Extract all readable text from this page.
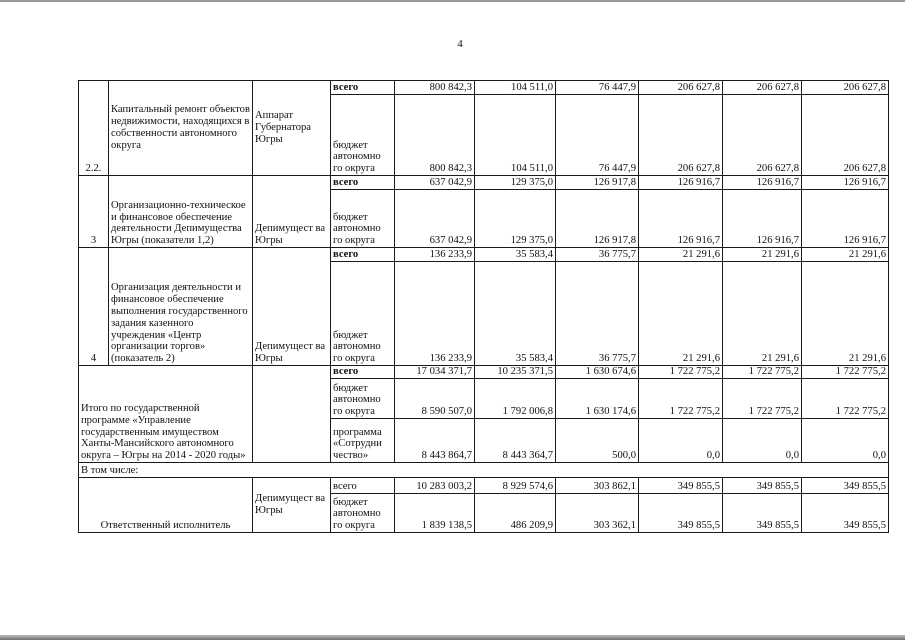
4
2.2.	Капитальный ремонт объектов недвижимости, находящихся в собственности автономного округа	Аппарат Губернатора Югры	всего	800 842,3	104 511,0	76 447,9	206 627,8	206 627,8	206 627,8
			бюджет автономно го округа	800 842,3	104 511,0	76 447,9	206 627,8	206 627,8	206 627,8
3	Организационно-техническое и финансовое обеспечение деятельности Депимущества Югры (показатели 1,2)	Депимущест ва Югры	всего	637 042,9	129 375,0	126 917,8	126 916,7	126 916,7	126 916,7
			бюджет автономно го округа	637 042,9	129 375,0	126 917,8	126 916,7	126 916,7	126 916,7
4	Организация деятельности и финансовое обеспечение выполнения государственного задания казенного учреждения «Центр организации торгов» (показатель 2)	Депимущест ва Югры	всего	136 233,9	35 583,4	36 775,7	21 291,6	21 291,6	21 291,6
			бюджет автономно го округа	136 233,9	35 583,4	36 775,7	21 291,6	21 291,6	21 291,6
Итого по государственной программе «Управление государственным имуществом Ханты-Мансийского автономного округа – Югры на 2014 - 2020 годы»			всего	17 034 371,7	10 235 371,5	1 630 674,6	1 722 775,2	1 722 775,2	1 722 775,2
			бюджет автономно го округа	8 590 507,0	1 792 006,8	1 630 174,6	1 722 775,2	1 722 775,2	1 722 775,2
			программа «Сотрудни чество»	8 443 864,7	8 443 364,7	500,0	0,0	0,0	0,0
В том числе:									
Ответственный исполнитель		Депимущест ва Югры	всего	10 283 003,2	8 929 574,6	303 862,1	349 855,5	349 855,5	349 855,5
			бюджет автономно го округа	1 839 138,5	486 209,9	303 362,1	349 855,5	349 855,5	349 855,5
